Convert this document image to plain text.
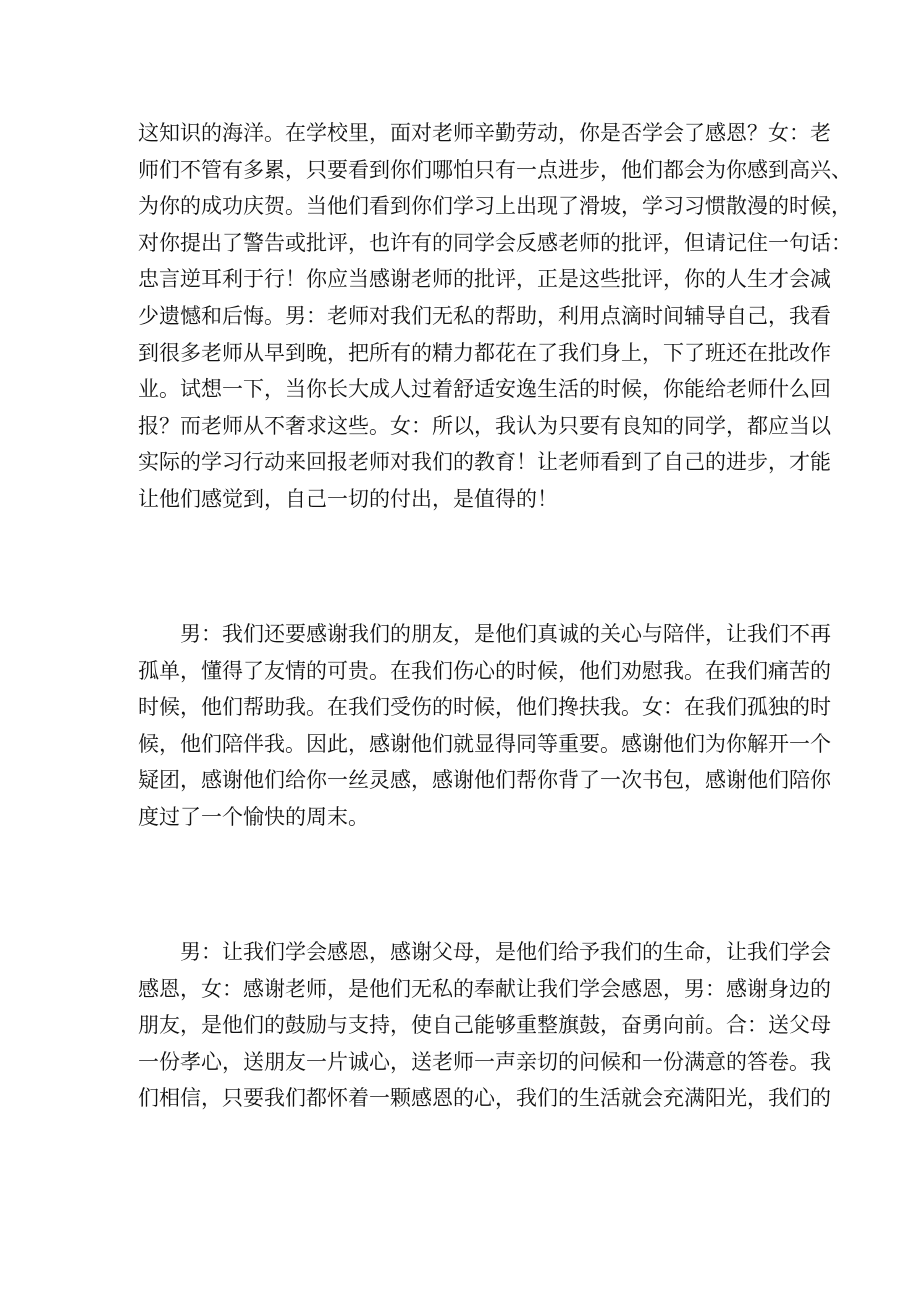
这知识的海洋。在学校里，面对老师辛勤劳动，你是否学会了感恩？女：老
师们不管有多累，只要看到你们哪怕只有一点进步，他们都会为你感到高兴、
为你的成功庆贺。当他们看到你们学习上出现了滑坡，学习习惯散漫的时候，
对你提出了警告或批评，也许有的同学会反感老师的批评，但请记住一句话：
忠言逆耳利于行！你应当感谢老师的批评，正是这些批评，你的人生才会减
少遗憾和后悔。男：老师对我们无私的帮助，利用点滴时间辅导自己，我看
到很多老师从早到晚，把所有的精力都花在了我们身上，下了班还在批改作
业。试想一下，当你长大成人过着舒适安逸生活的时候，你能给老师什么回
报？而老师从不奢求这些。女：所以，我认为只要有良知的同学，都应当以
实际的学习行动来回报老师对我们的教育！让老师看到了自己的进步，才能
让他们感觉到，自己一切的付出，是值得的！
男：我们还要感谢我们的朋友，是他们真诚的关心与陪伴，让我们不再
孤单，懂得了友情的可贵。在我们伤心的时候，他们劝慰我。在我们痛苦的
时候，他们帮助我。在我们受伤的时候，他们搀扶我。女：在我们孤独的时
候，他们陪伴我。因此，感谢他们就显得同等重要。感谢他们为你解开一个
疑团，感谢他们给你一丝灵感，感谢他们帮你背了一次书包，感谢他们陪你
度过了一个愉快的周末。
男：让我们学会感恩，感谢父母，是他们给予我们的生命，让我们学会
感恩，女：感谢老师，是他们无私的奉献让我们学会感恩，男：感谢身边的
朋友，是他们的鼓励与支持，使自己能够重整旗鼓，奋勇向前。合：送父母
一份孝心，送朋友一片诚心，送老师一声亲切的问候和一份满意的答卷。我
们相信，只要我们都怀着一颗感恩的心，我们的生活就会充满阳光，我们的
